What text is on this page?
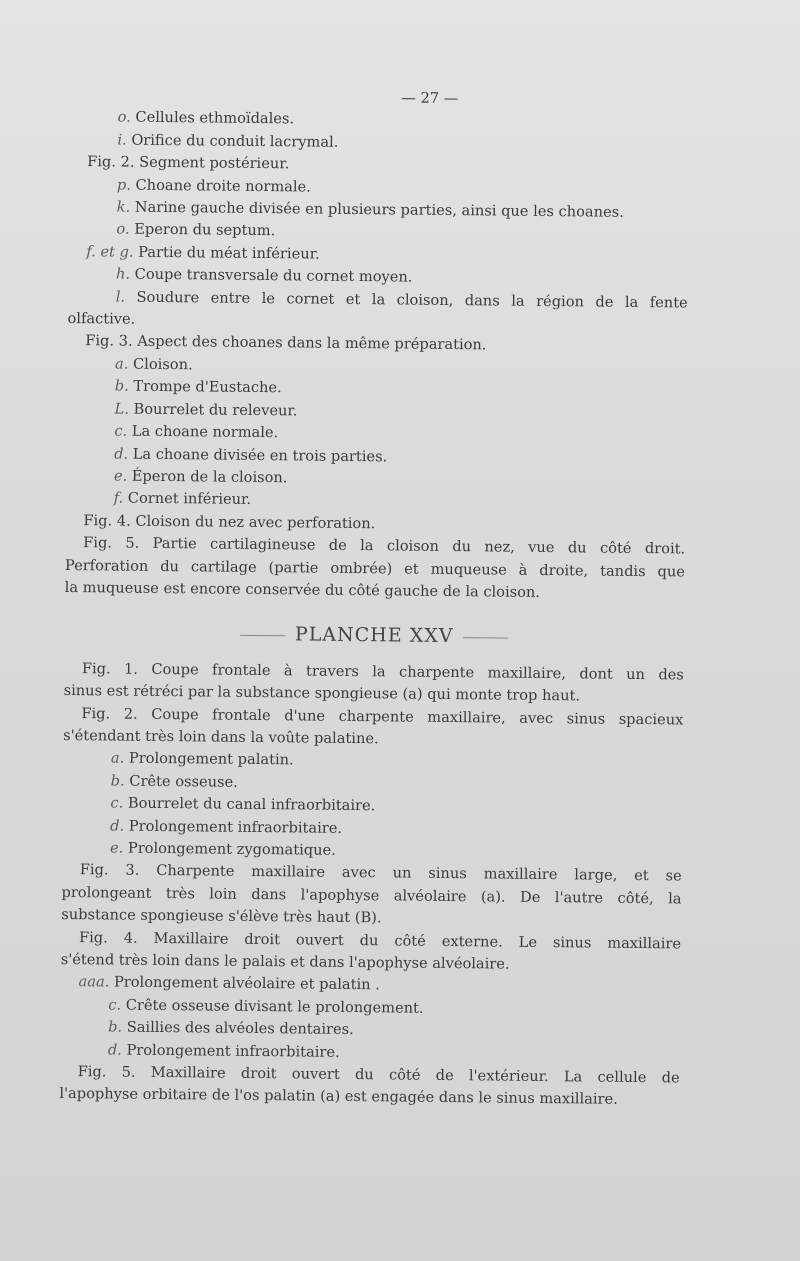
— 27 —
o. Cellules ethmoïdales.
i. Orifice du conduit lacrymal.
Fig. 2. Segment postérieur.
p. Choane droite normale.
k. Narine gauche divisée en plusieurs parties, ainsi que les choanes.
o. Eperon du septum.
f. et g. Partie du méat inférieur.
h. Coupe transversale du cornet moyen.
l. Soudure entre le cornet et la cloison, dans la région de la fente
olfactive.
Fig. 3. Aspect des choanes dans la même préparation.
a. Cloison.
b. Trompe d'Eustache.
L. Bourrelet du releveur.
c. La choane normale.
d. La choane divisée en trois parties.
e. Éperon de la cloison.
f. Cornet inférieur.
Fig. 4. Cloison du nez avec perforation.
Fig. 5. Partie cartilagineuse de la cloison du nez, vue du côté droit.
Perforation du cartilage (partie ombrée) et muqueuse à droite, tandis que
la muqueuse est encore conservée du côté gauche de la cloison.
PLANCHE XXV
Fig. 1. Coupe frontale à travers la charpente maxillaire, dont un des
sinus est rétréci par la substance spongieuse (a) qui monte trop haut.
Fig. 2. Coupe frontale d'une charpente maxillaire, avec sinus spacieux
s'étendant très loin dans la voûte palatine.
a. Prolongement palatin.
b. Crête osseuse.
c. Bourrelet du canal infraorbitaire.
d. Prolongement infraorbitaire.
e. Prolongement zygomatique.
Fig. 3. Charpente maxillaire avec un sinus maxillaire large, et se
prolongeant très loin dans l'apophyse alvéolaire (a). De l'autre côté, la
substance spongieuse s'élève très haut (B).
Fig. 4. Maxillaire droit ouvert du côté externe. Le sinus maxillaire
s'étend très loin dans le palais et dans l'apophyse alvéolaire.
aaa. Prolongement alvéolaire et palatin .
c. Crête osseuse divisant le prolongement.
b. Saillies des alvéoles dentaires.
d. Prolongement infraorbitaire.
Fig. 5. Maxillaire droit ouvert du côté de l'extérieur. La cellule de
l'apophyse orbitaire de l'os palatin (a) est engagée dans le sinus maxillaire.
